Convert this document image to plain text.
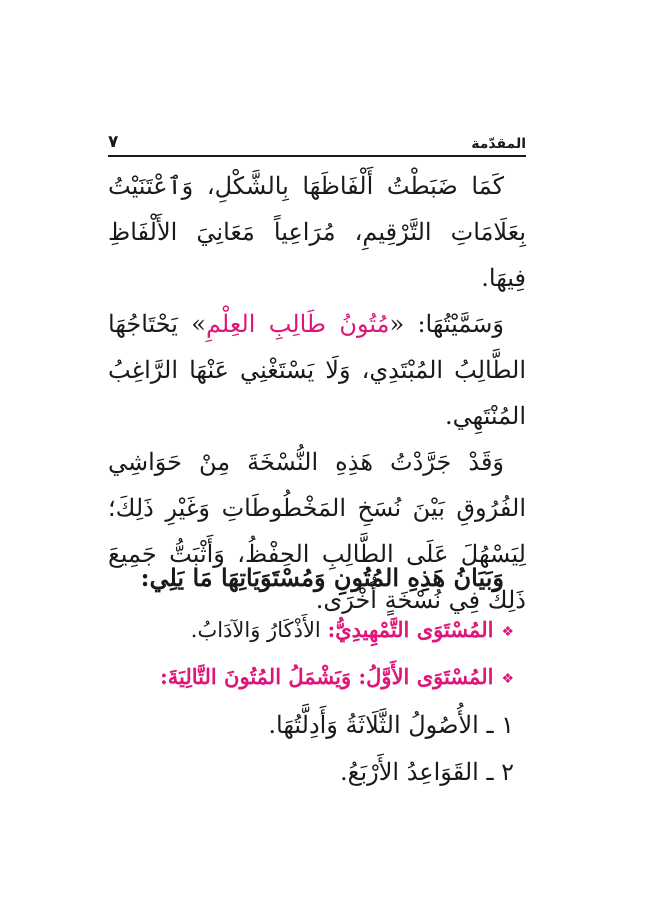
المقدّمة
٧

كَمَا ضَبَطْتُ أَلْفَاظَهَا بِالشَّكْلِ، وَٱعْتَنَيْتُ بِعَلَامَاتِ التَّرْقِيمِ، مُرَاعِياً مَعَانِيَ الأَلْفَاظِ فِيهَا.

وَسَمَّيْتُهَا: «مُتُونُ طَالِبِ العِلْمِ» يَحْتَاجُهَا الطَّالِبُ المُبْتَدِي، وَلَا يَسْتَغْنِي عَنْهَا الرَّاغِبُ المُنْتَهِي.

وَقَدْ جَرَّدْتُ هَذِهِ النُّسْخَةَ مِنْ حَوَاشِي الفُرُوقِ بَيْنَ نُسَخِ المَخْطُوطَاتِ وَغَيْرِ ذَلِكَ؛ لِيَسْهُلَ عَلَى الطَّالِبِ الحِفْظُ، وَأَثْبَتُّ جَمِيعَ ذَلِكَ فِي نُسْخَةٍ أُخْرَى.

وَبَيَانُ هَذِهِ المُتُونِ وَمُسْتَوَيَاتِهَا مَا يَلِي:
❖المُسْتَوَى التَّمْهِيدِيُّ: الأَذْكَارُ وَالآدَابُ.
❖المُسْتَوَى الأَوَّلُ: وَيَشْمَلُ المُتُونَ التَّالِيَةَ:
١ ـ الأُصُولُ الثَّلَاثَةُ وَأَدِلَّتُهَا.
٢ ـ القَوَاعِدُ الأَرْبَعُ.
